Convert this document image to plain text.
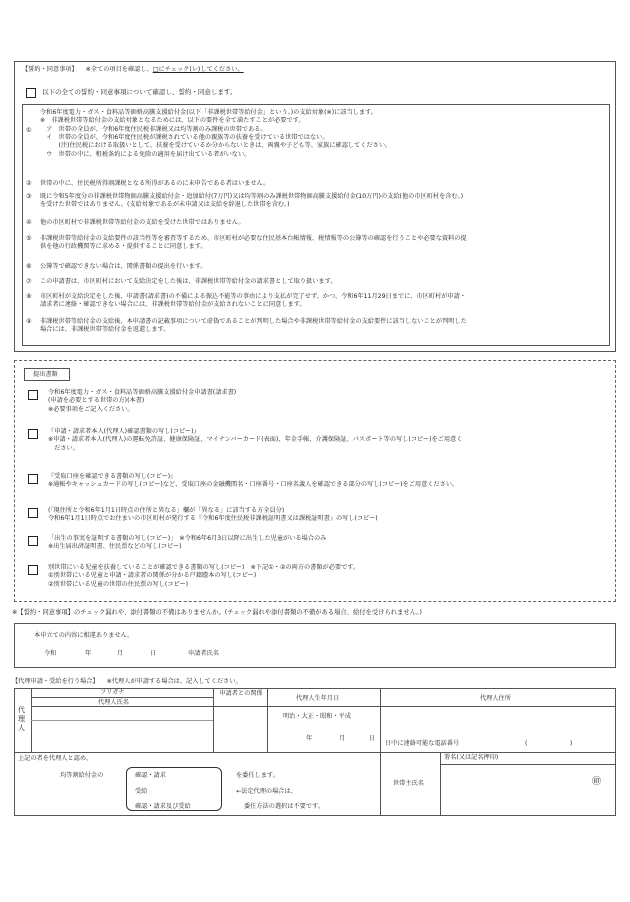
【誓約・同意事項】 ※全ての項目を確認し、□にチェック(レ)してください。
以下の全ての誓約・同意事項について確認し、誓約・同意します。
①
令和6年度電力・ガス・食料品等価格高騰支援給付金(以下「非課税世帯等給付金」という。)の支給対象(※)に該当します。
※　非課税世帯等給付金の支給対象となるためには、以下の要件を全て満たすことが必要です。
　ア　世帯の全員が、令和6年度住民税非課税又は均等割のみ課税の世帯である。
　イ　世帯の全員が、令和6年度住民税が課税されている他の親族等の扶養を受けている世帯ではない。
　　　(注)住民税における取扱いとして、扶養を受けているか分からないときは、両親や子ども等、家族に確認してください。
　ウ　世帯の中に、租税条約による免除の適用を届け出ている者がいない。
② 世帯の中に、住民税所得割課税となる所得があるのに未申告である者はいません。
③ 既に令和5年度分の非課税世帯物価高騰支援給付金・追加給付(7万円)又は均等割のみ課税世帯物価高騰支援給付金(10万円)の支給(他の市区町村を含む。)
を受けた世帯ではありません。(支給対象であるが未申請又は支給を辞退した世帯を含む。)
④ 他の市区町村で非課税世帯等給付金の支給を受けた世帯ではありません。
⑤ 非課税世帯等給付金の支給要件の該当性等を審査等するため、市区町村が必要な住民基本台帳情報、税情報等の公簿等の確認を行うことや必要な資料の提
供を他の行政機関等に求める・提供することに同意します。
⑥ 公簿等で確認できない場合は、関係書類の提出を行います。
⑦ この申請書は、市区町村において支給決定をした後は、非課税世帯等給付金の請求書として取り扱います。
⑧ 市区町村が支給決定をした後、申請書(請求書)の不備による振込不能等の事由により支払が完了せず、かつ、令和6年11月29日までに、市区町村が申請・
請求者に連絡・確認できない場合には、非課税世帯等給付金が支給されないことに同意します。
⑨ 非課税世帯等給付金の支給後、本申請書の記載事項について虚偽であることが判明した場合や非課税世帯等給付金の支給要件に該当しないことが判明した
場合には、非課税世帯等給付金を返還します。
提出書類
令和6年度電力・ガス・食料品等価格高騰支援給付金申請書(請求書)
(申請を必要とする世帯の方)(本書)
※必要事項をご記入ください。
『申請・請求者本人(代理人)確認書類の写し(コピー)』
※申請・請求者本人(代理人)の運転免許証、健康保険証、マイナンバーカード(表面)、年金手帳、介護保険証、パスポート等の写し(コピー)をご用意く
　ださい。
『受取口座を確認できる書類の写し(コピー)』
※通帳やキャッシュカードの写し(コピー)など、受取口座の金融機関名・口座番号・口座名義人を確認できる部分の写し(コピー)をご用意ください。
(「現住所と令和6年1月1日時点の住所と異なる」欄が「異なる」に該当する方全員分)
令和6年1月1日時点でお住まいの市区町村が発行する『令和6年度住民税非課税証明書又は課税証明書』の写し(コピー)
「出生の事実を証明する書類の写し(コピー)」　※令和6年6月3日以降に出生した児童がいる場合のみ
※出生届出済証明書、住民票などの写し(コピー)
別世帯にいる児童を扶養していることが確認できる書類の写し(コピー)　※下記①・②の両方の書類が必要です。
①別世帯にいる児童と申請・請求者の関係が分かる戸籍謄本の写し(コピー)
②別世帯にいる児童の世帯の住民票の写し(コピー)
※【誓約・同意事項】のチェック漏れや、添付書類の不備はありませんか。(チェック漏れや添付書類の不備がある場合、給付を受けられません。)
本申立ての内容に相違ありません。
令和	年	月	日	申請者氏名
【代理申請・受給を行う場合】 ※代理人が申請する場合は、記入してください。
代理人
フリガナ
代理人氏名
申請者との関係
代理人生年月日	代理人住所
明治・大正・昭和・平成
年	月	日
日中に連絡可能な電話番号	(	)
上記の者を代理人と認め、
均等割給付金の	確認・請求
受給
確認・請求及び受給
を委任します。
←法定代理の場合は、
委任方法の選択は不要です。
世帯主氏名
署名(又は記名押印)
㊞
